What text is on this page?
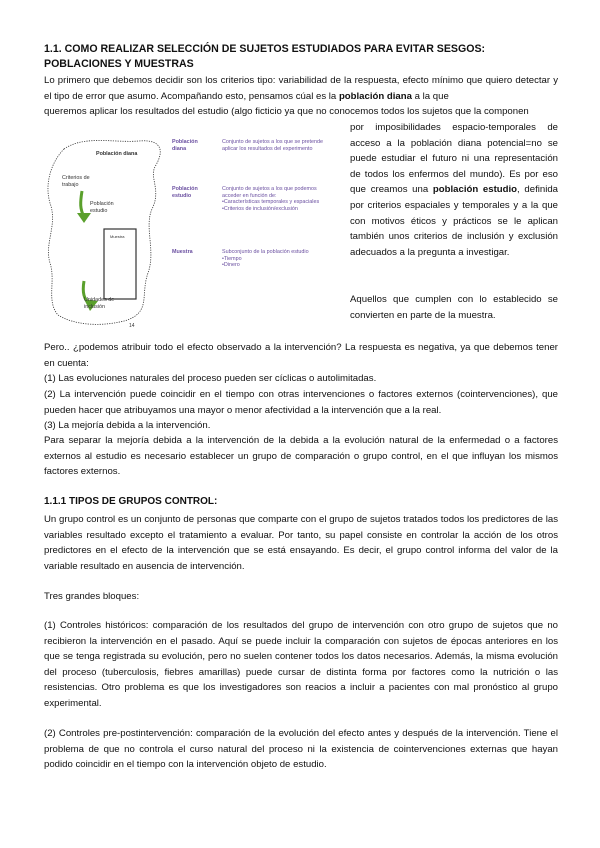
1.1. COMO REALIZAR SELECCIÓN DE SUJETOS ESTUDIADOS PARA EVITAR SESGOS: POBLACIONES Y MUESTRAS

Lo primero que debemos decidir son los criterios tipo: variabilidad de la respuesta, efecto mínimo que quiero detectar y el tipo de error que asumo. Acompañando esto, pensamos cúal es la población diana a la que

queremos aplicar los resultados del estudio (algo ficticio ya que no conocemos todos los sujetos que la componen

14
Población diana
Criterios de trabajo
Población estudio
Muestra
Unidades de inclusión
Población diana
Conjunto de sujetos a los que se pretende aplicar los resultados del experimento
Población estudio
Conjunto de sujetos a los que podemos acceder en función de:
•Características temporales y espaciales
•Criterios de inclusión/exclusión
Muestra	Subconjunto de la población estudio
•Tiempo
•Dinero

por imposibilidades espacio-temporales de acceso a la población diana potencial=no se puede estudiar el futuro ni una representación de todos los enfermos del mundo). Es por eso que creamos una población estudio, definida por criterios espaciales y temporales y a la que con motivos éticos y prácticos se le aplican también unos criterios de inclusión y exclusión adecuados a la pregunta a investigar.

Aquellos que cumplen con lo establecido se convierten en parte de la muestra.

Pero.. ¿podemos atribuir todo el efecto observado a la intervención? La respuesta es negativa, ya que debemos tener en cuenta:

(1) Las evoluciones naturales del proceso pueden ser cíclicas o autolimitadas.

(2) La intervención puede coincidir en el tiempo con otras intervenciones o factores externos (cointervenciones), que pueden hacer que atribuyamos una mayor o menor afectividad a la intervención que a la real.

(3) La mejoría debida a la intervención.

Para separar la mejoría debida a la intervención de la debida a la evolución natural de la enfermedad o a factores externos al estudio es necesario establecer un grupo de comparación o grupo control, en el que influyan los mismos factores externos.

1.1.1 TIPOS DE GRUPOS CONTROL:

Un grupo control es un conjunto de personas que comparte con el grupo de sujetos tratados todos los predictores de las variables resultado excepto el tratamiento a evaluar. Por tanto, su papel consiste en controlar la acción de los otros predictores en el efecto de la intervención que se está ensayando. Es decir, el grupo control informa del valor de la variable resultado en ausencia de intervención.

Tres grandes bloques:

(1) Controles históricos: comparación de los resultados del grupo de intervención con otro grupo de sujetos que no recibieron la intervención en el pasado. Aquí se puede incluir la comparación con sujetos de épocas anteriores en los que se tenga registrada su evolución, pero no suelen contener todos los datos necesarios. Además, la misma evolución del proceso (tuberculosis, fiebres amarillas) puede cursar de distinta forma por factores como la nutrición o las resistencias. Otro problema es que los investigadores son reacios a incluir a pacientes con mal pronóstico al grupo experimental.

(2) Controles pre-postintervención: comparación de la evolución del efecto antes y después de la intervención. Tiene el problema de que no controla el curso natural del proceso ni la existencia de cointervenciones externas que hayan podido coincidir en el tiempo con la intervención objeto de estudio.
